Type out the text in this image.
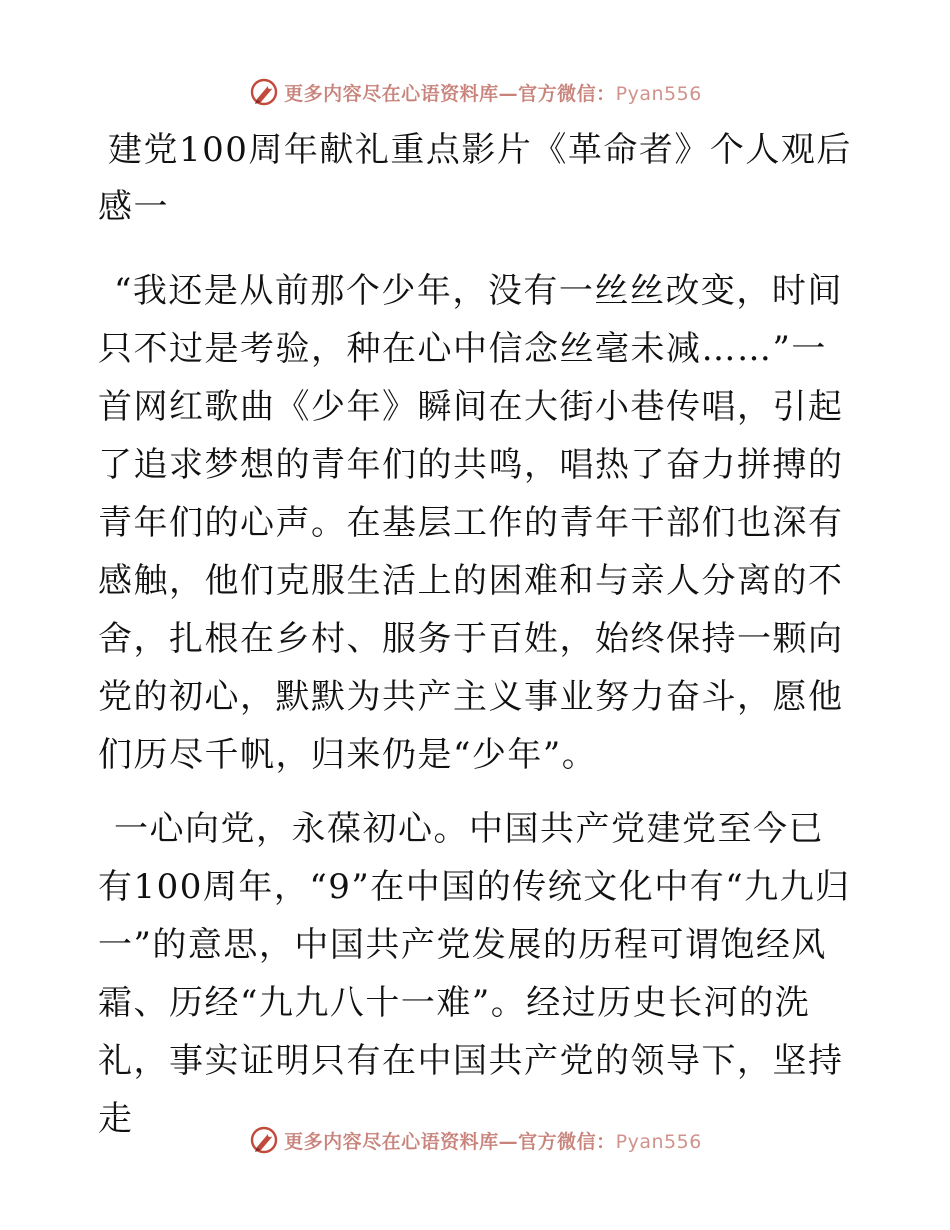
更多内容尽在心语资料库—官方微信：Pyan556

建党100周年献礼重点影片《革命者》个人观后感一

“我还是从前那个少年，没有一丝丝改变，时间只不过是考验，种在心中信念丝毫未减……”一首网红歌曲《少年》瞬间在大街小巷传唱，引起了追求梦想的青年们的共鸣，唱热了奋力拼搏的青年们的心声。在基层工作的青年干部们也深有感触，他们克服生活上的困难和与亲人分离的不舍，扎根在乡村、服务于百姓，始终保持一颗向党的初心，默默为共产主义事业努力奋斗，愿他们历尽千帆，归来仍是“少年”。

一心向党，永葆初心。中国共产党建党至今已有100周年，“9”在中国的传统文化中有“九九归一”的意思，中国共产党发展的历程可谓饱经风霜、历经“九九八十一难”。经过历史长河的洗礼，事实证明只有在中国共产党的领导下，坚持走

更多内容尽在心语资料库—官方微信：Pyan556
